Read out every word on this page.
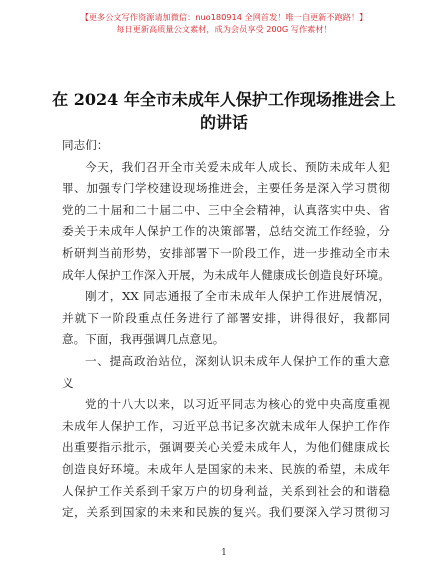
【更多公文写作资源请加微信：nuo180914 全网首发！唯一自更新不跑路！】
每日更新高质量公文素材，成为会员享受 200G 写作素材！
在 2024 年全市未成年人保护工作现场推进会上
的讲话
同志们：
今天，我们召开全市关爱未成年人成长、预防未成年人犯
罪、加强专门学校建设现场推进会，主要任务是深入学习贯彻
党的二十届和二十届二中、三中全会精神，认真落实中央、省
委关于未成年人保护工作的决策部署，总结交流工作经验，分
析研判当前形势，安排部署下一阶段工作，进一步推动全市未
成年人保护工作深入开展，为未成年人健康成长创造良好环境。
刚才，XX 同志通报了全市未成年人保护工作进展情况，
并就下一阶段重点任务进行了部署安排，讲得很好，我都同
意。下面，我再强调几点意见。
一、提高政治站位，深刻认识未成年人保护工作的重大意
义
党的十八大以来，以习近平同志为核心的党中央高度重视
未成年人保护工作，习近平总书记多次就未成年人保护工作作
出重要指示批示，强调要关心关爱未成年人，为他们健康成长
创造良好环境。未成年人是国家的未来、民族的希望，未成年
人保护工作关系到千家万户的切身利益，关系到社会的和谐稳
定，关系到国家的未来和民族的复兴。我们要深入学习贯彻习
1
